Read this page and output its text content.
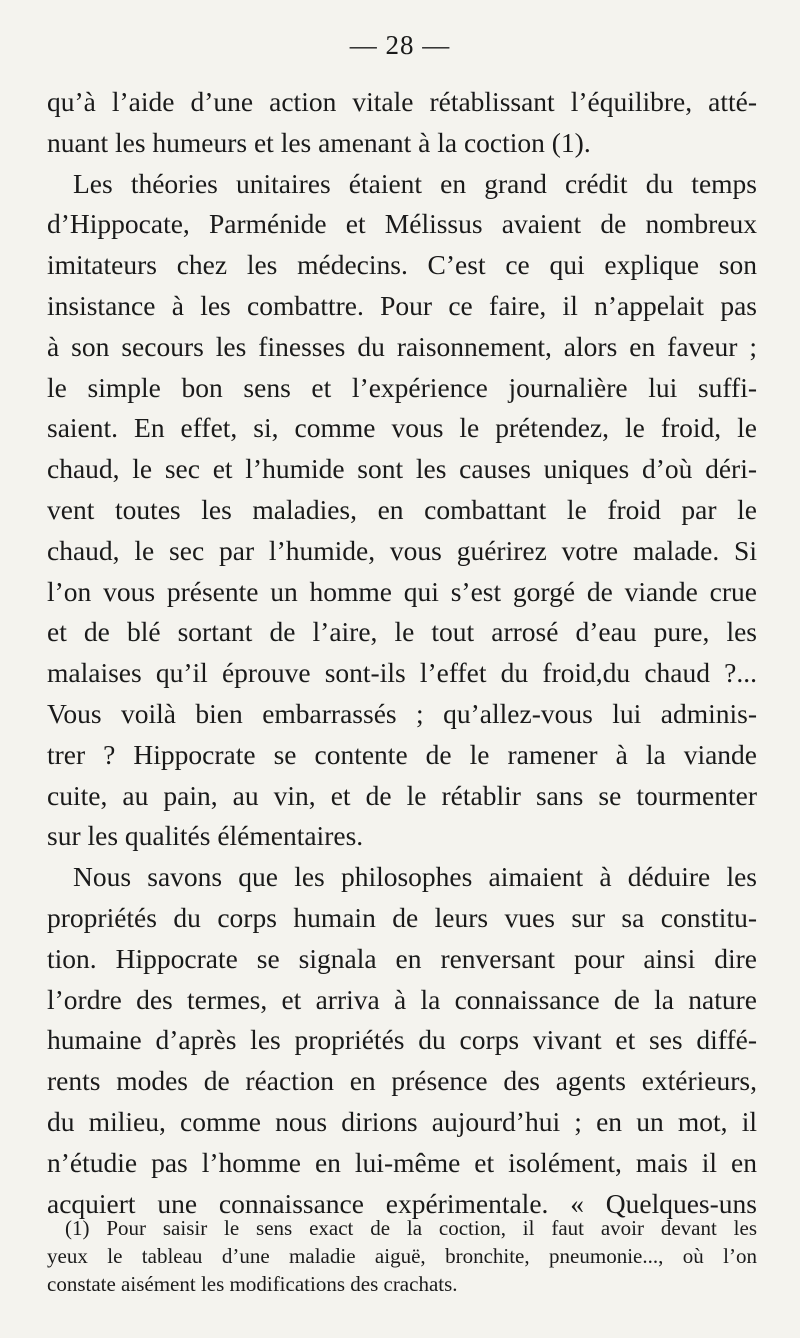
— 28 —
qu’à l’aide d’une action vitale rétablissant l’équilibre, atté-
nuant les humeurs et les amenant à la coction (1).
Les théories unitaires étaient en grand crédit du temps
d’Hippocate, Parménide et Mélissus avaient de nombreux
imitateurs chez les médecins. C’est ce qui explique son
insistance à les combattre. Pour ce faire, il n’appelait pas
à son secours les finesses du raisonnement, alors en faveur ;
le simple bon sens et l’expérience journalière lui suffi-
saient. En effet, si, comme vous le prétendez, le froid, le
chaud, le sec et l’humide sont les causes uniques d’où déri-
vent toutes les maladies, en combattant le froid par le
chaud, le sec par l’humide, vous guérirez votre malade. Si
l’on vous présente un homme qui s’est gorgé de viande crue
et de blé sortant de l’aire, le tout arrosé d’eau pure, les
malaises qu’il éprouve sont-ils l’effet du froid,du chaud ?...
Vous voilà bien embarrassés ; qu’allez-vous lui adminis-
trer ? Hippocrate se contente de le ramener à la viande
cuite, au pain, au vin, et de le rétablir sans se tourmenter
sur les qualités élémentaires.
Nous savons que les philosophes aimaient à déduire les
propriétés du corps humain de leurs vues sur sa constitu-
tion. Hippocrate se signala en renversant pour ainsi dire
l’ordre des termes, et arriva à la connaissance de la nature
humaine d’après les propriétés du corps vivant et ses diffé-
rents modes de réaction en présence des agents extérieurs,
du milieu, comme nous dirions aujourd’hui ; en un mot, il
n’étudie pas l’homme en lui-même et isolément, mais il en
acquiert une connaissance expérimentale. « Quelques-uns
(1) Pour saisir le sens exact de la coction, il faut avoir devant les
yeux le tableau d’une maladie aiguë, bronchite, pneumonie..., où l’on
constate aisément les modifications des crachats.
